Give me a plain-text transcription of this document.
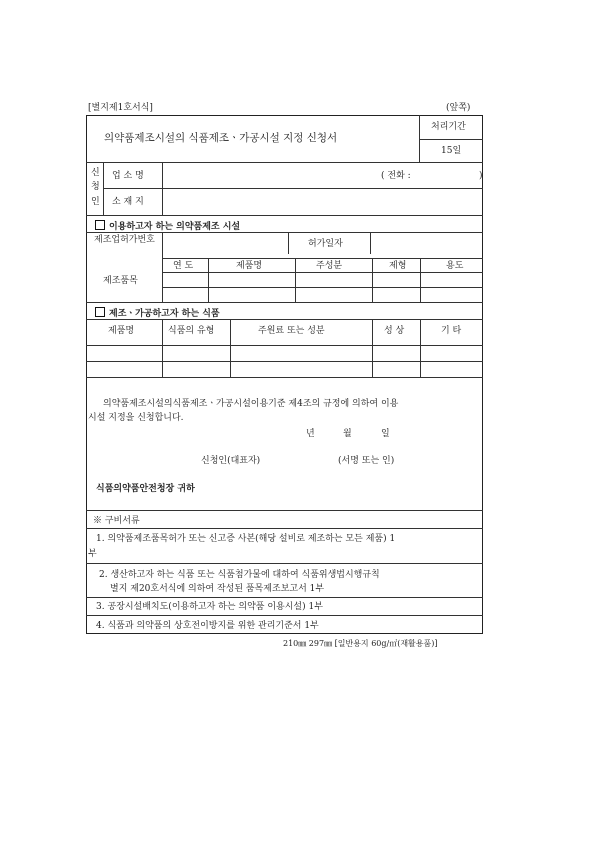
[별지제1호서식]	(앞쪽)
의약품제조시설의 식품제조ㆍ가공시설 지정 신청서
처리기간
15일
신
청
인
업 소 명	( 전화 :	)
소 재 지
이용하고자 하는 의약품제조 시설
제조업허가번호	허가일자
제조품목
연 도	제품명	주성분	제형	용도
제조ㆍ가공하고자 하는 식품
제품명	식품의 유형	주원료 또는 성분	성 상	기 타
의약품제조시설의식품제조ㆍ가공시설이용기준 제4조의 규정에 의하여 이용
시설 지정을 신청합니다.
년	월	일
신청인(대표자)	(서명 또는 인)
식품의약품안전청장 귀하
※ 구비서류
1. 의약품제조품목허가 또는 신고증 사본(해당 설비로 제조하는 모든 제품) 1
부
2. 생산하고자 하는 식품 또는 식품첨가물에 대하여 식품위생법시행규칙
별지 제20호서식에 의하여 작성된 품목제조보고서 1부
3. 공장시설배치도(이용하고자 하는 의약품 이용시설) 1부
4. 식품과 의약품의 상호전이방지를 위한 관리기준서 1부
210㎜ 297㎜ [일반용지 60g/㎡(재활용품)]
